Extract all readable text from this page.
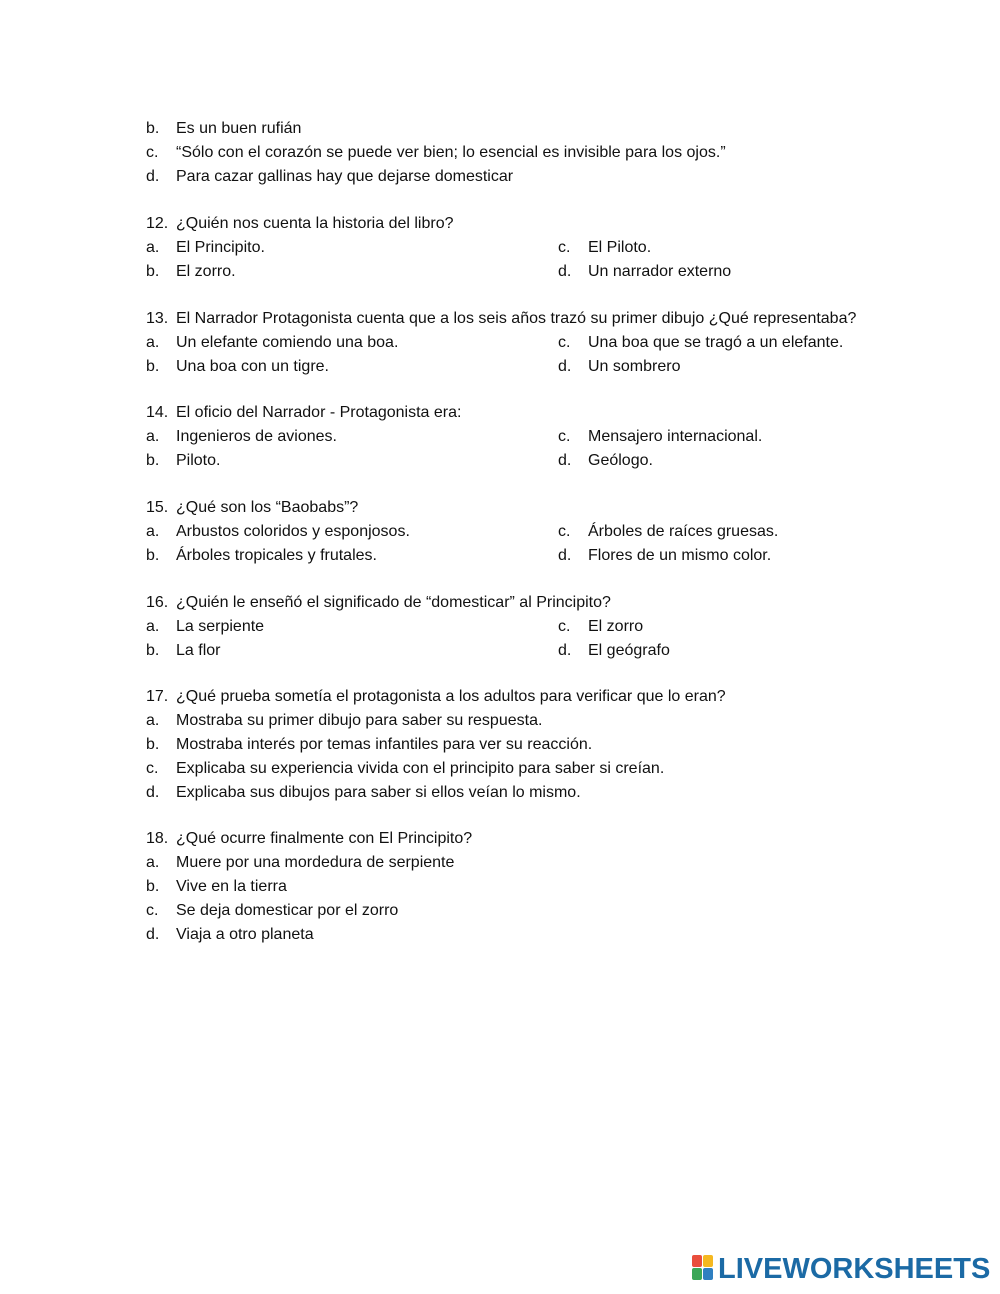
b. Es un buen rufián
c. “Sólo con el corazón se puede ver bien; lo esencial es invisible para los ojos.”
d. Para cazar gallinas hay que dejarse domesticar
12. ¿Quién nos cuenta la historia del libro?
a. El Principito.	c. El Piloto.
b. El zorro.	d. Un narrador externo
13. El Narrador Protagonista cuenta que a los seis años trazó su primer dibujo ¿Qué representaba?
a. Un elefante comiendo una boa.	c. Una boa que se tragó a un elefante.
b. Una boa con un tigre.	d. Un sombrero
14. El oficio del Narrador - Protagonista era:
a. Ingenieros de aviones.	c. Mensajero internacional.
b. Piloto.	d. Geólogo.
15. ¿Qué son los “Baobabs”?
a. Arbustos coloridos y esponjosos.	c. Árboles de raíces gruesas.
b. Árboles tropicales y frutales.	d. Flores de un mismo color.
16. ¿Quién le enseñó el significado de “domesticar” al Principito?
a. La serpiente	c. El zorro
b. La flor	d. El geógrafo
17. ¿Qué prueba sometía el protagonista a los adultos para verificar que lo eran?
a. Mostraba su primer dibujo para saber su respuesta.
b. Mostraba interés por temas infantiles para ver su reacción.
c. Explicaba su experiencia vivida con el principito para saber si creían.
d. Explicaba sus dibujos para saber si ellos veían lo mismo.
18. ¿Qué ocurre finalmente con El Principito?
a. Muere por una mordedura de serpiente
b. Vive en la tierra
c. Se deja domesticar por el zorro
d. Viaja a otro planeta
LIVEWORKSHEETS
